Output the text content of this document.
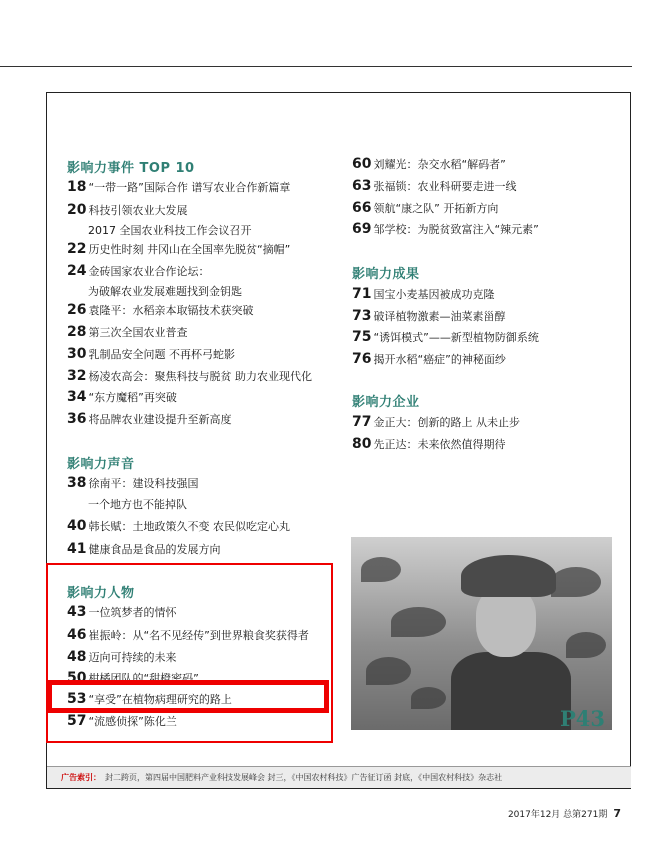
影响力事件 TOP 10
18 “一带一路”国际合作 谱写农业合作新篇章
20 科技引领农业大发展
2017 全国农业科技工作会议召开
22 历史性时刻 井冈山在全国率先脱贫“摘帽”
24 金砖国家农业合作论坛：
为破解农业发展难题找到金钥匙
26 袁隆平：水稻亲本取镉技术获突破
28 第三次全国农业普查
30 乳制品安全问题 不再杯弓蛇影
32 杨凌农高会：聚焦科技与脱贫 助力农业现代化
34 “东方魔稻”再突破
36 将品牌农业建设提升至新高度
影响力声音
38 徐南平：建设科技强国
一个地方也不能掉队
40 韩长赋：土地政策久不变 农民似吃定心丸
41 健康食品是食品的发展方向
影响力人物
43 一位筑梦者的情怀
46 崔振岭：从“名不见经传”到世界粮食奖获得者
48 迈向可持续的未来
50 柑橘团队的“甜橙密码”
53 “享受”在植物病理研究的路上
57 “流感侦探”陈化兰
60 刘耀光：杂交水稻“解码者”
63 张福锁：农业科研要走进一线
66 领航“康之队” 开拓新方向
69 邹学校：为脱贫致富注入“辣元素”
影响力成果
71 国宝小麦基因被成功克隆
73 破译植物激素—油菜素甾醇
75 “诱饵模式”——新型植物防御系统
76 揭开水稻“癌症”的神秘面纱
影响力企业
77 金正大：创新的路上 从未止步
80 先正达：未来依然值得期待
P43
广告索引： 封二跨页，第四届中国肥料产业科技发展峰会 封三，《中国农村科技》广告征订函 封底，《中国农村科技》杂志社
2017年12月 总第271期 7
